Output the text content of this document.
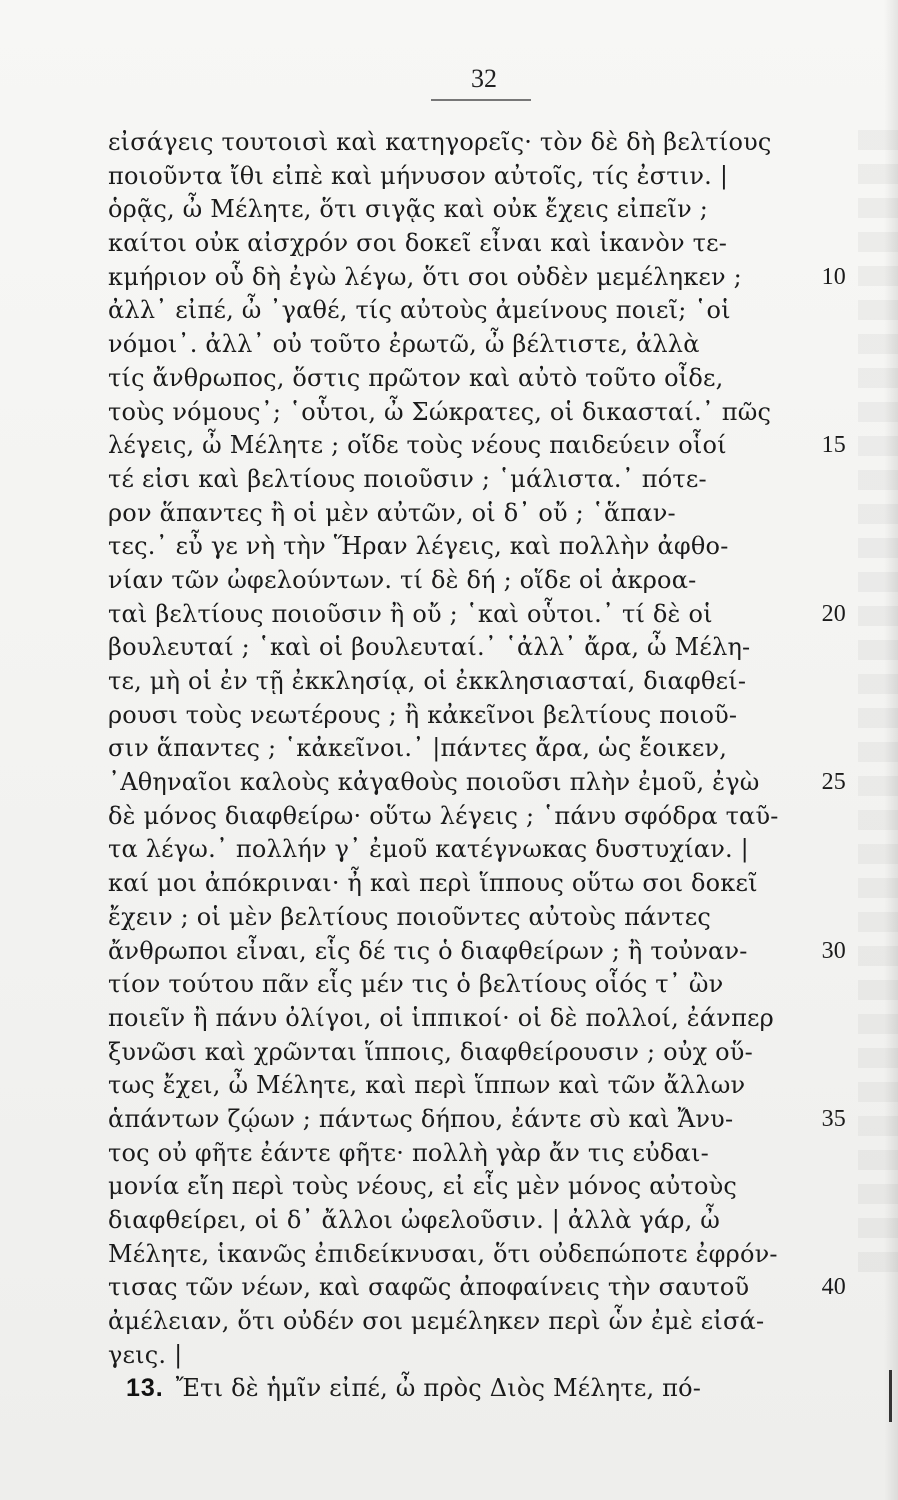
32
εἰσάγεις τουτοισὶ καὶ κατηγορεῖς· τὸν δὲ δὴ βελτίους
ποιοῦντα ἴθι εἰπὲ καὶ μήνυσον αὐτοῖς, τίς ἐστιν. |
ὁρᾷς, ὦ Μέλητε, ὅτι σιγᾷς καὶ οὐκ ἔχεις εἰπεῖν ;
καίτοι οὐκ αἰσχρόν σοι δοκεῖ εἶναι καὶ ἱκανὸν τε-
κμήριον οὗ δὴ ἐγὼ λέγω, ὅτι σοι οὐδὲν μεμέληκεν ;	10
ἀλλ᾽ εἰπέ, ὦ ᾽γαθέ, τίς αὐτοὺς ἀμείνους ποιεῖ; ῾οἱ
νόμοι᾽. ἀλλ᾽ οὐ τοῦτο ἐρωτῶ, ὦ βέλτιστε, ἀλλὰ
τίς ἄνθρωπος, ὅστις πρῶτον καὶ αὐτὸ τοῦτο οἶδε,
τοὺς νόμους᾽; ῾οὗτοι, ὦ Σώκρατες, οἱ δικασταί.᾽ πῶς
λέγεις, ὦ Μέλητε ; οἵδε τοὺς νέους παιδεύειν οἷοί	15
τέ εἰσι καὶ βελτίους ποιοῦσιν ; ῾μάλιστα.᾽ πότε-
ρον ἅπαντες ἢ οἱ μὲν αὐτῶν, οἱ δ᾽ οὔ ; ῾ἅπαν-
τες.᾽ εὖ γε νὴ τὴν Ἥραν λέγεις, καὶ πολλὴν ἀφθο-
νίαν τῶν ὠφελούντων. τί δὲ δή ; οἵδε οἱ ἀκροα-
ταὶ βελτίους ποιοῦσιν ἢ οὔ ; ῾καὶ οὗτοι.᾽ τί δὲ οἱ	20
βουλευταί ; ῾καὶ οἱ βουλευταί.᾽ ῾ἀλλ᾽ ἄρα, ὦ Μέλη-
τε, μὴ οἱ ἐν τῇ ἐκκλησίᾳ, οἱ ἐκκλησιασταί, διαφθεί-
ρουσι τοὺς νεωτέρους ; ἢ κἀκεῖνοι βελτίους ποιοῦ-
σιν ἅπαντες ; ῾κἀκεῖνοι.᾽ |πάντες ἄρα, ὡς ἔοικεν,
᾽Αθηναῖοι καλοὺς κἀγαθοὺς ποιοῦσι πλὴν ἐμοῦ, ἐγὼ	25
δὲ μόνος διαφθείρω· οὕτω λέγεις ; ῾πάνυ σφόδρα ταῦ-
τα λέγω.᾽ πολλήν γ᾽ ἐμοῦ κατέγνωκας δυστυχίαν. |
καί μοι ἀπόκριναι· ἦ καὶ περὶ ἵππους οὕτω σοι δοκεῖ
ἔχειν ; οἱ μὲν βελτίους ποιοῦντες αὐτοὺς πάντες
ἄνθρωποι εἶναι, εἷς δέ τις ὁ διαφθείρων ; ἢ τοὐναν-	30
τίον τούτου πᾶν εἷς μέν τις ὁ βελτίους οἷός τ᾽ ὢν
ποιεῖν ἢ πάνυ ὀλίγοι, οἱ ἱππικοί· οἱ δὲ πολλοί, ἐάνπερ
ξυνῶσι καὶ χρῶνται ἵπποις, διαφθείρουσιν ; οὐχ οὕ-
τως ἔχει, ὦ Μέλητε, καὶ περὶ ἵππων καὶ τῶν ἄλλων
ἁπάντων ζῴων ; πάντως δήπου, ἐάντε σὺ καὶ Ἄνυ-	35
τος οὐ φῆτε ἐάντε φῆτε· πολλὴ γὰρ ἄν τις εὐδαι-
μονία εἴη περὶ τοὺς νέους, εἰ εἷς μὲν μόνος αὐτοὺς
διαφθείρει, οἱ δ᾽ ἄλλοι ὠφελοῦσιν. | ἀλλὰ γάρ, ὦ
Μέλητε, ἱκανῶς ἐπιδείκνυσαι, ὅτι οὐδεπώποτε ἐφρόν-
τισας τῶν νέων, καὶ σαφῶς ἀποφαίνεις τὴν σαυτοῦ	40
ἀμέλειαν, ὅτι οὐδέν σοι μεμέληκεν περὶ ὧν ἐμὲ εἰσά-
γεις. |
13. Ἔτι δὲ ἡμῖν εἰπέ, ὦ πρὸς Διὸς Μέλητε, πό-
